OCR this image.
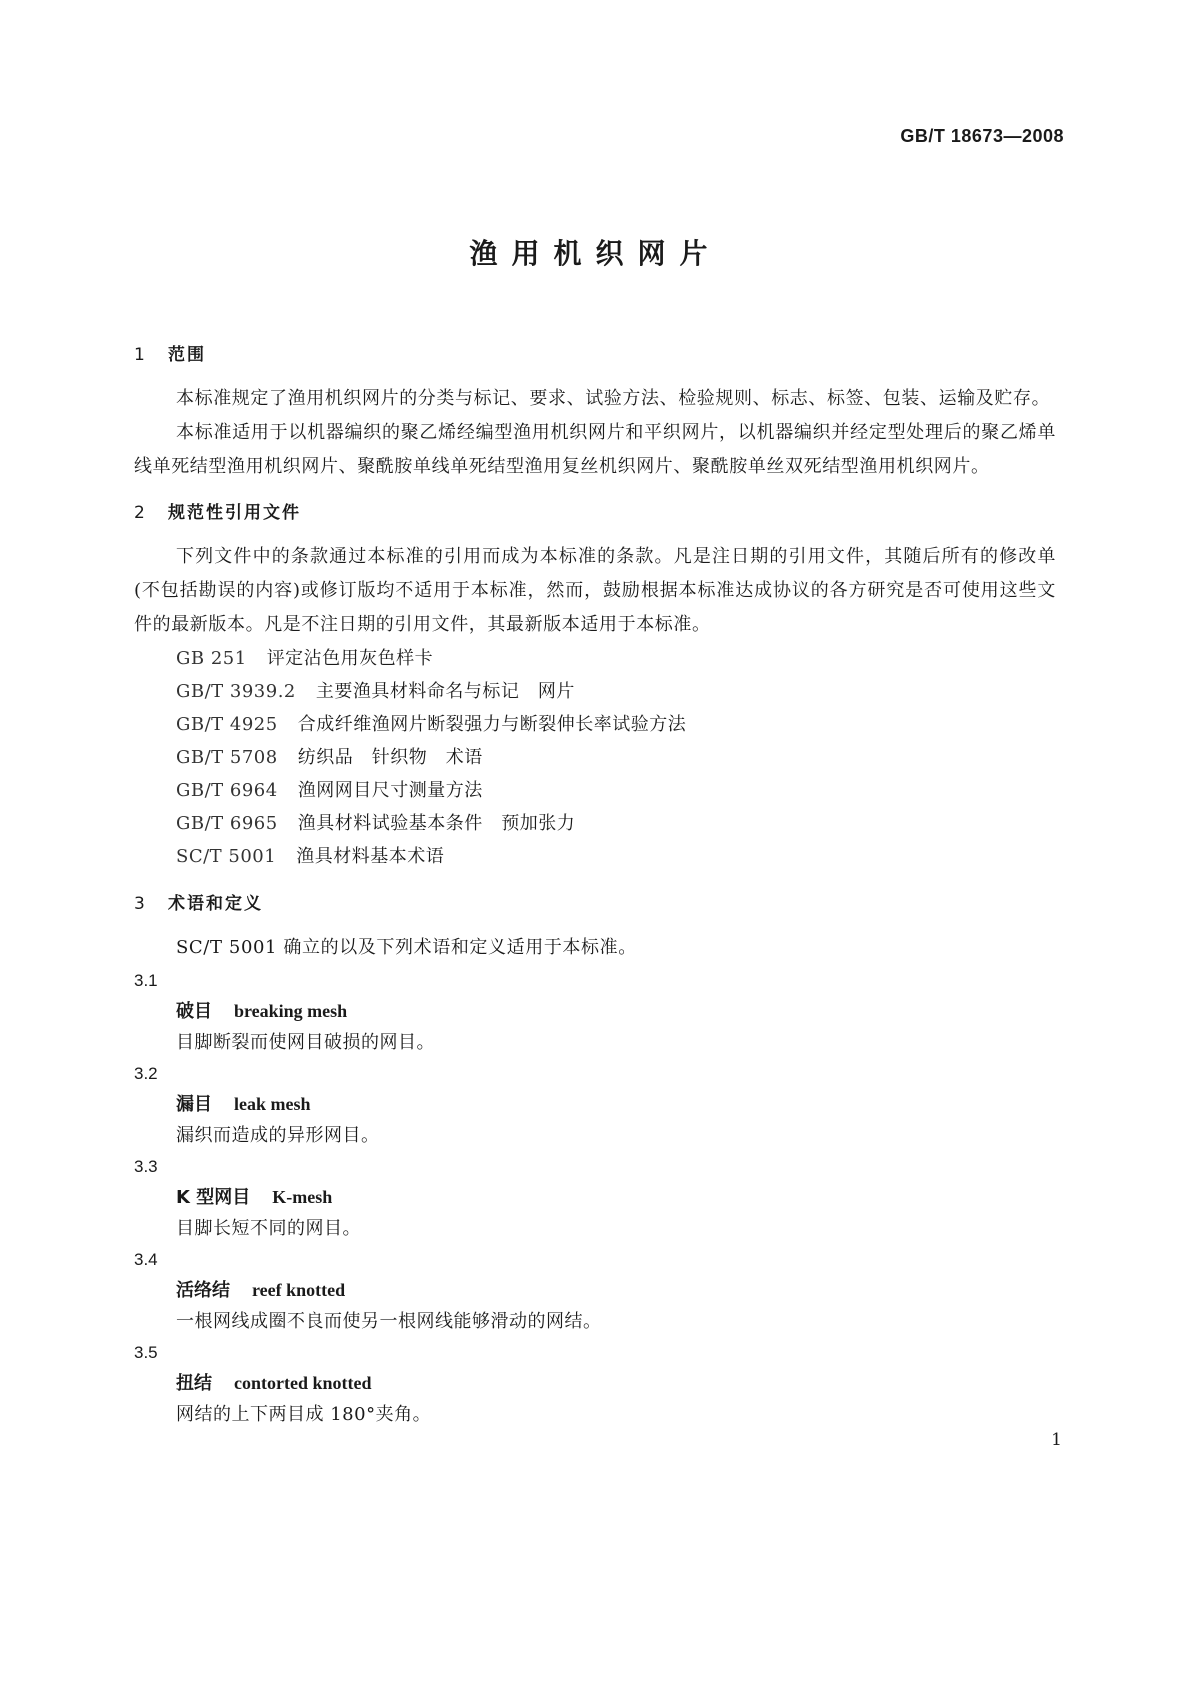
GB/T 18673—2008
渔用机织网片
1	范围

本标准规定了渔用机织网片的分类与标记、要求、试验方法、检验规则、标志、标签、包装、运输及贮存。

本标准适用于以机器编织的聚乙烯经编型渔用机织网片和平织网片，以机器编织并经定型处理后的聚乙烯单线单死结型渔用机织网片、聚酰胺单线单死结型渔用复丝机织网片、聚酰胺单丝双死结型渔用机织网片。

2	规范性引用文件

下列文件中的条款通过本标准的引用而成为本标准的条款。凡是注日期的引用文件，其随后所有的修改单(不包括勘误的内容)或修订版均不适用于本标准，然而，鼓励根据本标准达成协议的各方研究是否可使用这些文件的最新版本。凡是不注日期的引用文件，其最新版本适用于本标准。

GB 251 评定沾色用灰色样卡
GB/T 3939.2 主要渔具材料命名与标记　网片
GB/T 4925 合成纤维渔网片断裂强力与断裂伸长率试验方法
GB/T 5708 纺织品　针织物　术语
GB/T 6964 渔网网目尺寸测量方法
GB/T 6965 渔具材料试验基本条件　预加张力
SC/T 5001 渔具材料基本术语
3	术语和定义

SC/T 5001 确立的以及下列术语和定义适用于本标准。

3.1
破目 breaking mesh
目脚断裂而使网目破损的网目。
3.2
漏目 leak mesh
漏织而造成的异形网目。
3.3
K 型网目 K-mesh
目脚长短不同的网目。
3.4
活络结 reef knotted
一根网线成圈不良而使另一根网线能够滑动的网结。
3.5
扭结 contorted knotted
网结的上下两目成 180°夹角。
1
